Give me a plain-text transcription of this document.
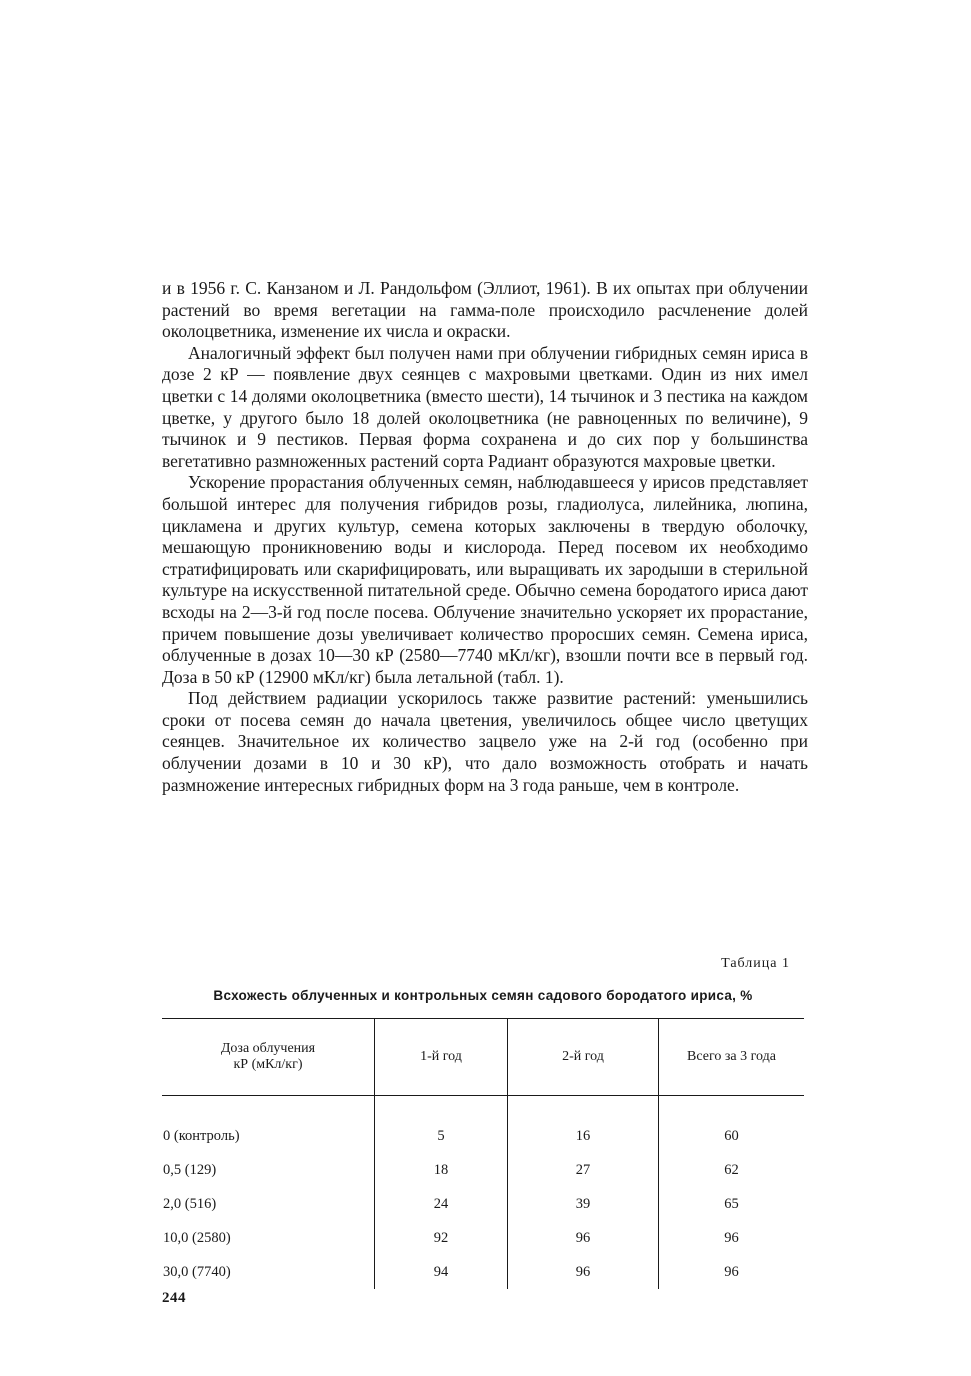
и в 1956 г. С. Канзаном и Л. Рандольфом (Эллиот, 1961). В их опытах при облучении растений во время вегетации на гамма-поле происходило расчленение долей околоцветника, изменение их числа и окраски.

Аналогичный эффект был получен нами при облучении гибридных семян ириса в дозе 2 кР — появление двух сеянцев с махровыми цветками. Один из них имел цветки с 14 долями околоцветника (вместо шести), 14 тычинок и 3 пестика на каждом цветке, у другого было 18 долей околоцветника (не равноценных по величине), 9 тычинок и 9 пестиков. Первая форма сохранена и до сих пор у большинства вегетативно размноженных растений сорта Радиант образуются махровые цветки.

Ускорение прорастания облученных семян, наблюдавшееся у ирисов представляет большой интерес для получения гибридов розы, гладиолуса, лилейника, люпина, цикламена и других культур, семена которых заключены в твердую оболочку, мешающую проникновению воды и кислорода. Перед посевом их необходимо стратифицировать или скарифицировать, или выращивать их зародыши в стерильной культуре на искусственной питательной среде. Обычно семена бородатого ириса дают всходы на 2—3-й год после посева. Облучение значительно ускоряет их прорастание, причем повышение дозы увеличивает количество проросших семян. Семена ириса, облученные в дозах 10—30 кР (2580—7740 мКл/кг), взошли почти все в первый год. Доза в 50 кР (12900 мКл/кг) была летальной (табл. 1).

Под действием радиации ускорилось также развитие растений: уменьшились сроки от посева семян до начала цветения, увеличилось общее число цветущих сеянцев. Значительное их количество зацвело уже на 2-й год (особенно при облучении дозами в 10 и 30 кР), что дало возможность отобрать и начать размножение интересных гибридных форм на 3 года раньше, чем в контроле.

Таблица 1
Всхожесть облученных и контрольных семян садового бородатого ириса, %
Доза облучения
кР (мКл/кг)	1-й год	2-й год	Всего за 3 года
0 (контроль)	5	16	60
0,5 (129)	18	27	62
2,0 (516)	24	39	65
10,0 (2580)	92	96	96
30,0 (7740)	94	96	96
244
